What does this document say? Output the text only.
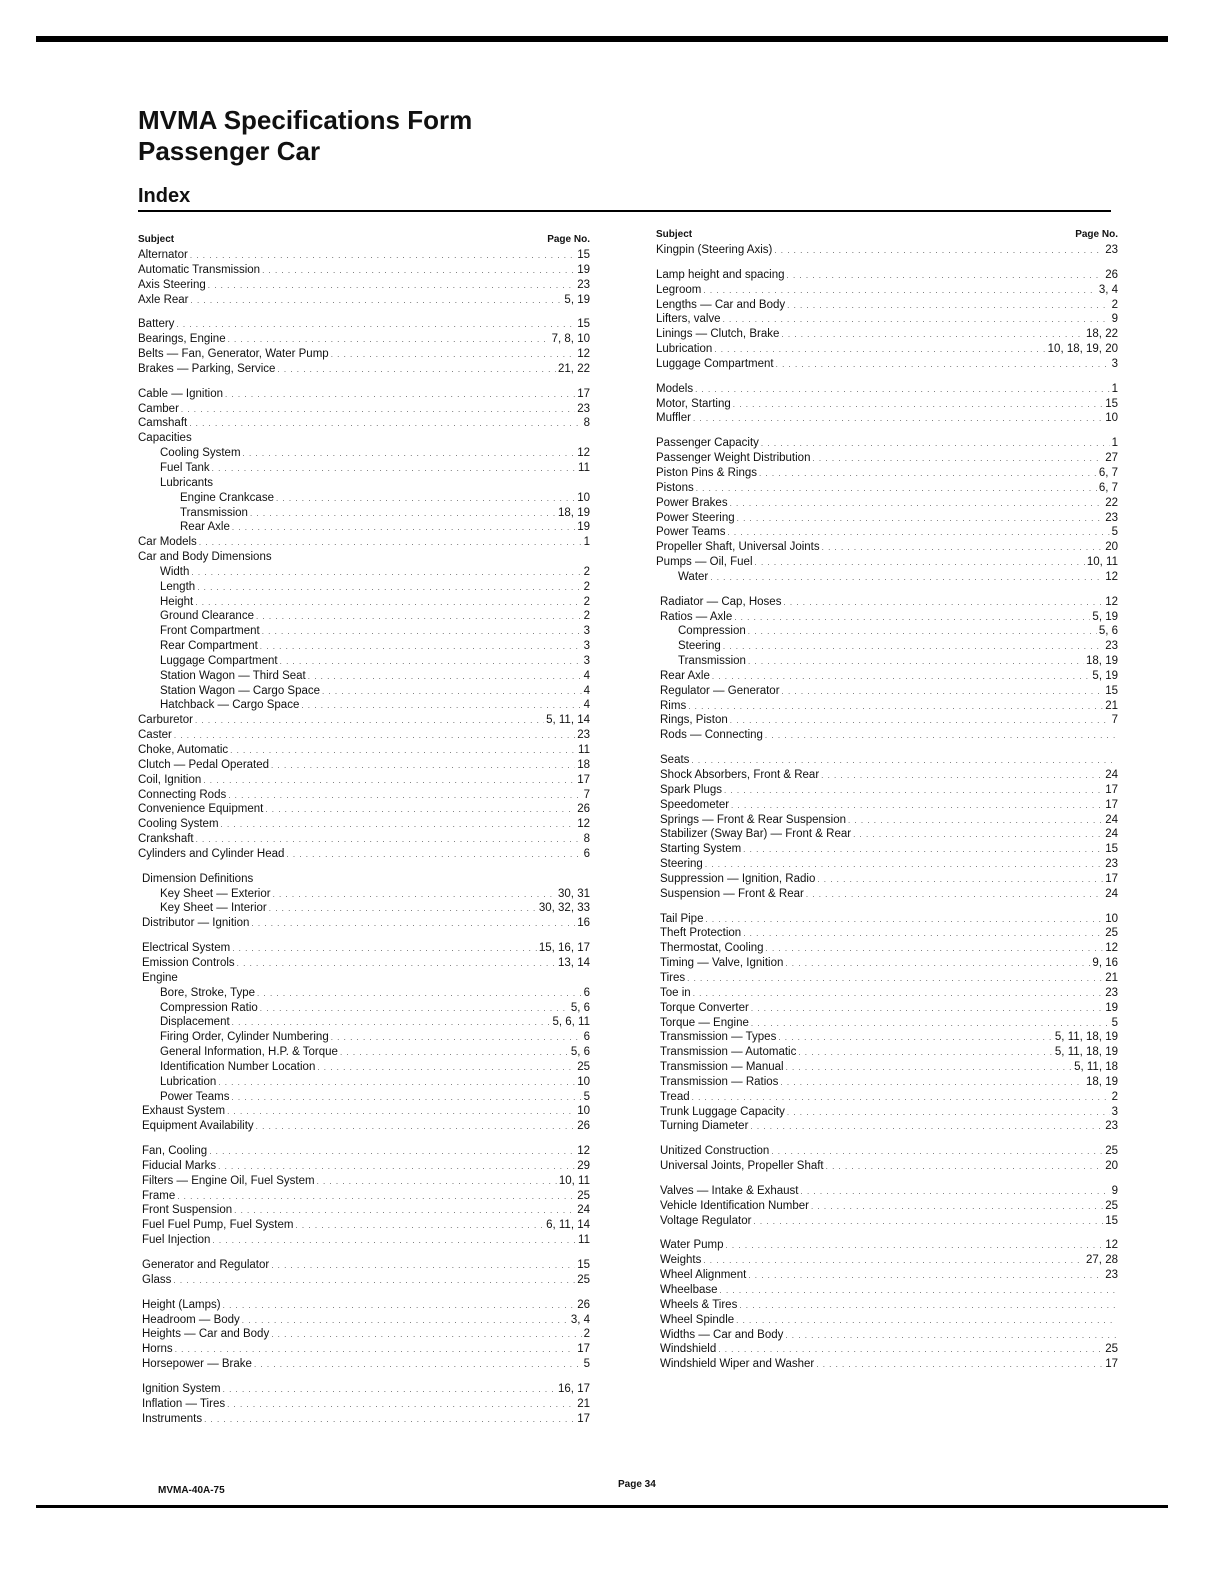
MVMA Specifications Form
Passenger Car
Index
Subject	Page No.
Alternator . . .	15
Automatic Transmission . . .	19
Axis Steering . . .	23
Axle Rear . . .	5, 19
Battery . . .	15
Bearings, Engine . . .	7, 8, 10
Belts — Fan, Generator, Water Pump . . .	12
Brakes — Parking, Service . . .	21, 22
Cable — Ignition . . .	17
Camber . . .	23
Camshaft . . .	8
Capacities
Cooling System . . .	12
Fuel Tank . . .	11
Lubricants
Engine Crankcase . . .	10
Transmission . . .	18, 19
Rear Axle . . .	19
Car Models . . .	1
Car and Body Dimensions
Width . . .	2
Length . . .	2
Height . . .	2
Ground Clearance . . .	2
Front Compartment . . .	3
Rear Compartment . . .	3
Luggage Compartment . . .	3
Station Wagon — Third Seat . . .	4
Station Wagon — Cargo Space . . .	4
Hatchback — Cargo Space . . .	4
Carburetor . . .	5, 11, 14
Caster . . .	23
Choke, Automatic . . .	11
Clutch — Pedal Operated . . .	18
Coil, Ignition . . .	17
Connecting Rods . . .	7
Convenience Equipment . . .	26
Cooling System . . .	12
Crankshaft . . .	8
Cylinders and Cylinder Head . . .	6
Dimension Definitions
Key Sheet — Exterior . . .	30, 31
Key Sheet — Interior . . .	30, 32, 33
Distributor — Ignition . . .	16
Electrical System . . .	15, 16, 17
Emission Controls . . .	13, 14
Engine
Bore, Stroke, Type . . .	6
Compression Ratio . . .	5, 6
Displacement . . .	5, 6, 11
Firing Order, Cylinder Numbering . . .	6
General Information, H.P. & Torque . . .	5, 6
Identification Number Location . . .	25
Lubrication . . .	10
Power Teams . . .	5
Exhaust System . . .	10
Equipment Availability . . .	26
Fan, Cooling . . .	12
Fiducial Marks . . .	29
Filters — Engine Oil, Fuel System . . .	10, 11
Frame . . .	25
Front Suspension . . .	24
Fuel Fuel Pump, Fuel System . . .	6, 11, 14
Fuel Injection . . .	11
Generator and Regulator . . .	15
Glass . . .	25
Height (Lamps) . . .	26
Headroom — Body . . .	3, 4
Heights — Car and Body . . .	2
Horns . . .	17
Horsepower — Brake . . .	5
Ignition System . . .	16, 17
Inflation — Tires . . .	21
Instruments . . .	17
Subject	Page No.
Kingpin (Steering Axis) . . .	23
Lamp height and spacing . . .	26
Legroom . . .	3, 4
Lengths — Car and Body . . .	2
Lifters, valve . . .	9
Linings — Clutch, Brake . . .	18, 22
Lubrication . . .	10, 18, 19, 20
Luggage Compartment . . .	3
Models . . .	1
Motor, Starting . . .	15
Muffler . . .	10
Passenger Capacity . . .	1
Passenger Weight Distribution . . .	27
Piston Pins & Rings . . .	6, 7
Pistons . . .	6, 7
Power Brakes . . .	22
Power Steering . . .	23
Power Teams . . .	5
Propeller Shaft, Universal Joints . . .	20
Pumps — Oil, Fuel . . .	10, 11
Water . . .	12
Radiator — Cap, Hoses . . .	12
Ratios — Axle . . .	5, 19
Compression . . .	5, 6
Steering . . .	23
Transmission . . .	18, 19
Rear Axle . . .	5, 19
Regulator — Generator . . .	15
Rims . . .	21
Rings, Piston . . .	7
Rods — Connecting
. . .
Seats
. . .
Shock Absorbers, Front & Rear . . .	24
Spark Plugs . . .	17
Speedometer . . .	17
Springs — Front & Rear Suspension . . .	24
Stabilizer (Sway Bar) — Front & Rear . . .	24
Starting System . . .	15
Steering . . .	23
Suppression — Ignition, Radio . . .	17
Suspension — Front & Rear . . .	24
Tail Pipe . . .	10
Theft Protection . . .	25
Thermostat, Cooling . . .	12
Timing — Valve, Ignition . . .	9, 16
Tires . . .	21
Toe in . . .	23
Torque Converter . . .	19
Torque — Engine . . .	5
Transmission — Types . . .	5, 11, 18, 19
Transmission — Automatic . . .	5, 11, 18, 19
Transmission — Manual . . .	5, 11, 18
Transmission — Ratios . . .	18, 19
Tread . . .	2
Trunk Luggage Capacity . . .	3
Turning Diameter . . .	23
Unitized Construction . . .	25
Universal Joints, Propeller Shaft . . .	20
Valves — Intake & Exhaust . . .	9
Vehicle Identification Number . . .	25
Voltage Regulator . . .	15
Water Pump . . .	12
Weights . . .	27, 28
Wheel Alignment . . .	23
Wheelbase
. . .
Wheels & Tires
. . .
Wheel Spindle
. . .
Widths — Car and Body
. . .
Windshield . . .	25
Windshield Wiper and Washer . . .	17
MVMA-40A-75
Page 34
